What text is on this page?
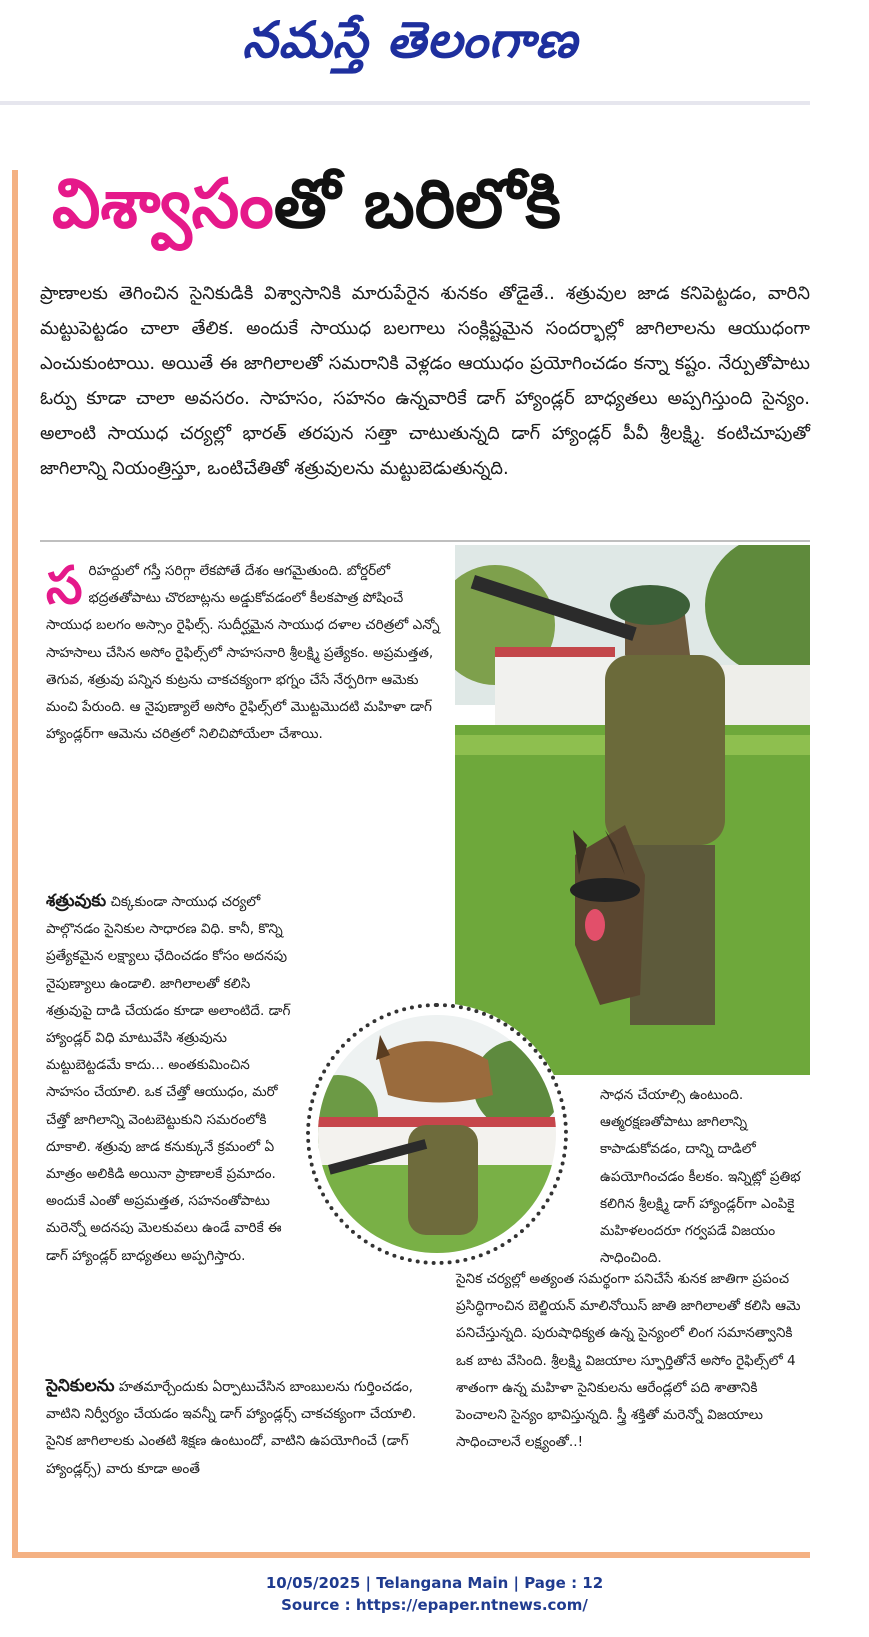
నమస్తే తెలంగాణ
విశ్వాసంతో బరిలోకి

ప్రాణాలకు తెగించిన సైనికుడికి విశ్వాసానికి మారుపేరైన శునకం తోడైతే.. శత్రువుల జాడ కనిపెట్టడం, వారిని మట్టుపెట్టడం చాలా తేలిక. అందుకే సాయుధ బలగాలు సంక్లిష్టమైన సందర్భాల్లో జాగిలాలను ఆయుధంగా ఎంచుకుంటాయి. అయితే ఈ జాగిలాలతో సమరానికి వెళ్లడం ఆయుధం ప్రయోగించడం కన్నా కష్టం. నేర్పుతోపాటు ఓర్పు కూడా చాలా అవసరం. సాహసం, సహనం ఉన్నవారికే డాగ్ హ్యాండ్లర్ బాధ్యతలు అప్పగిస్తుంది సైన్యం. అలాంటి సాయుధ చర్యల్లో భారత్ తరపున సత్తా చాటుతున్నది డాగ్ హ్యాండ్లర్ పీవీ శ్రీలక్ష్మి. కంటిచూపుతో జాగిలాన్ని నియంత్రిస్తూ, ఒంటిచేతితో శత్రువులను మట్టుబెడుతున్నది.

సరిహద్దులో గస్తీ సరిగ్గా లేకపోతే దేశం ఆగమైతుంది. బోర్డర్‌లో భద్రతతోపాటు చొరబాట్లను అడ్డుకోవడంలో కీలకపాత్ర పోషించే సాయుధ బలగం అస్సాం రైఫిల్స్. సుదీర్ఘమైన సాయుధ దళాల చరిత్రలో ఎన్నో సాహసాలు చేసిన అసోం రైఫిల్స్‌లో సాహసనారి శ్రీలక్ష్మి ప్రత్యేకం. అప్రమత్తత, తెగువ, శత్రువు పన్నిన కుట్రను చాకచక్యంగా భగ్నం చేసే నేర్పరిగా ఆమెకు మంచి పేరుంది. ఆ నైపుణ్యాలే అసోం రైఫిల్స్‌లో మొట్టమొదటి మహిళా డాగ్ హ్యాండ్లర్‌గా ఆమెను చరిత్రలో నిలిచిపోయేలా చేశాయి.

శత్రువుకు చిక్కకుండా సాయుధ చర్యలో పాల్గొనడం సైనికుల సాధారణ విధి. కానీ, కొన్ని ప్రత్యేకమైన లక్ష్యాలు ఛేదించడం కోసం అదనపు నైపుణ్యాలు ఉండాలి. జాగిలాలతో కలిసి శత్రువుపై దాడి చేయడం కూడా అలాంటిదే. డాగ్ హ్యాండ్లర్ విధి మాటువేసి శత్రువును మట్టుబెట్టడమే కాదు... అంతకుమించిన సాహసం చేయాలి. ఒక చేత్తో ఆయుధం, మరో చేత్తో జాగిలాన్ని వెంటబెట్టుకుని సమరంలోకి దూకాలి. శత్రువు జాడ కనుక్కునే క్రమంలో ఏ మాత్రం అలికిడి అయినా ప్రాణాలకే ప్రమాదం. అందుకే ఎంతో అప్రమత్తత, సహనంతోపాటు మరెన్నో అదనపు మెలకువలు ఉండే వారికే ఈ డాగ్ హ్యాండ్లర్ బాధ్యతలు అప్పగిస్తారు.

సైనికులను హతమార్చేందుకు ఏర్పాటుచేసిన బాంబులను గుర్తించడం, వాటిని నిర్వీర్యం చేయడం ఇవన్నీ డాగ్ హ్యాండ్లర్స్ చాకచక్యంగా చేయాలి. సైనిక జాగిలాలకు ఎంతటి శిక్షణ ఉంటుందో, వాటిని ఉపయోగించే (డాగ్ హ్యాండ్లర్స్) వారు కూడా అంతే

సాధన చేయాల్సి ఉంటుంది. ఆత్మరక్షణతోపాటు జాగిలాన్ని కాపాడుకోవడం, దాన్ని దాడిలో ఉపయోగించడం కీలకం. ఇన్నిట్లో ప్రతిభ కలిగిన శ్రీలక్ష్మి డాగ్ హ్యాండ్లర్‌గా ఎంపికై మహిళలందరూ గర్వపడే విజయం సాధించింది.

సైనిక చర్యల్లో అత్యంత సమర్థంగా పనిచేసే శునక జాతిగా ప్రపంచ ప్రసిద్ధిగాంచిన బెల్జియన్ మాలినోయిస్ జాతి జాగిలాలతో కలిసి ఆమె పనిచేస్తున్నది. పురుషాధిక్యత ఉన్న సైన్యంలో లింగ సమానత్వానికి ఒక బాట వేసింది. శ్రీలక్ష్మి విజయాల స్ఫూర్తితోనే అసోం రైఫిల్స్‌లో 4 శాతంగా ఉన్న మహిళా సైనికులను ఆరేండ్లలో పది శాతానికి పెంచాలని సైన్యం భావిస్తున్నది. స్త్రీ శక్తితో మరెన్నో విజయాలు సాధించాలనే లక్ష్యంతో..!

10/05/2025 | Telangana Main | Page : 12
Source : https://epaper.ntnews.com/
